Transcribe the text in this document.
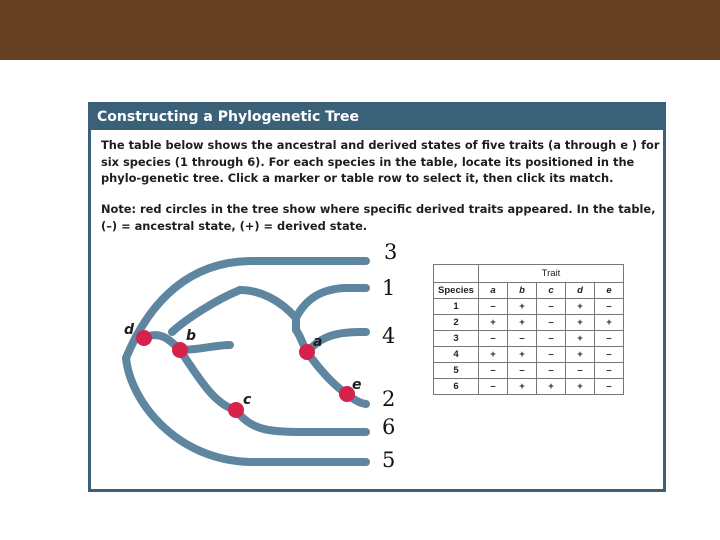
Constructing a Phylogenetic Tree
The table below shows the ancestral and derived states of five traits (a through e ) for six species (1 through 6). For each species in the table, locate its positioned in the phylo-genetic tree. Click a marker or table row to select it, then click its match.
Note: red circles in the tree show where specific derived traits appeared. In the table, (–) = ancestral state, (+) = derived state.
d	b	a
e
c
3
1
4
2
6
5
	Trait				
Species	a	b	c	d	e
1	–	+	–	+	–
2	+	+	–	+	+
3	–	–	–	+	–
4	+	+	–	+	–
5	–	–	–	–	–
6	–	+	+	+	–
